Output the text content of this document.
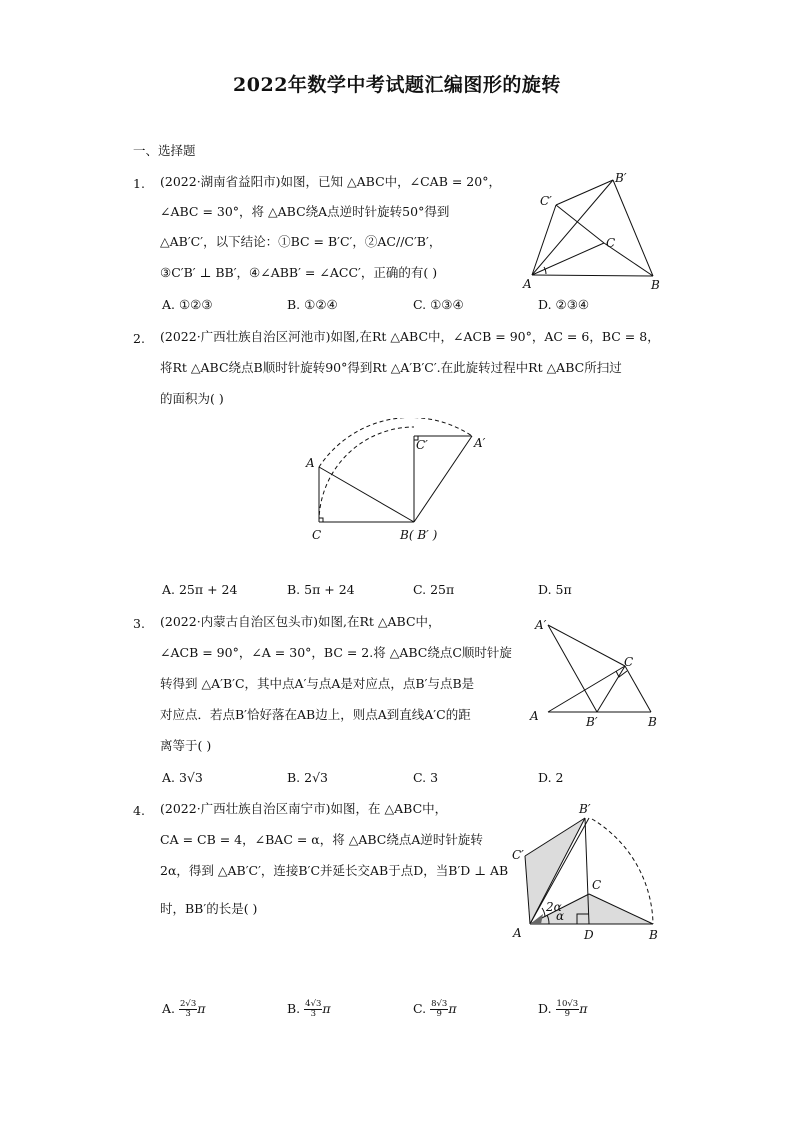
2022年数学中考试题汇编图形的旋转
一、选择题
1. (2022·湖南省益阳市)如图，已知 △ABC中，∠CAB = 20°，
∠ABC = 30°，将 △ABC绕A点逆时针旋转50°得到
△AB′C′，以下结论：①BC = B′C′，②AC//C′B′，
③C′B′ ⊥ BB′，④∠ABB′ = ∠ACC′，正确的有( )
A. ①②③	B. ①②④	C. ①③④	D. ②③④
A	B
C
B′
C′
2. (2022·广西壮族自治区河池市)如图,在Rt △ABC中，∠ACB = 90°，AC = 6，BC = 8，
将Rt △ABC绕点B顺时针旋转90°得到Rt △A′B′C′.在此旋转过程中Rt △ABC所扫过
的面积为( )
A. 25π + 24	B. 5π + 24	C. 25π	D. 5π
A
C	B( B′ )
C′	A′
3. (2022·内蒙古自治区包头市)如图,在Rt △ABC中，
∠ACB = 90°，∠A = 30°，BC = 2.将 △ABC绕点C顺时针旋
转得到 △A′B′C，其中点A′与点A是对应点，点B′与点B是
对应点．若点B′恰好落在AB边上，则点A到直线A′C的距
离等于( )
A. 3√3	B. 2√3	C. 3	D. 2
A	B
C
A′
B′
4. (2022·广西壮族自治区南宁市)如图，在 △ABC中，
CA = CB = 4，∠BAC = α，将 △ABC绕点A逆时针旋转
2α，得到 △AB′C′，连接B′C并延长交AB于点D，当B′D ⊥ AB
时，BB′的长是( )
A. $\frac{2√3}{3}$ π	B. $\frac{4√3}{3}$ π	C. $\frac{8√3}{9}$ π	D. $\frac{10√3}{9}$ π
A	B
C
D
B′
C′
2α
α
